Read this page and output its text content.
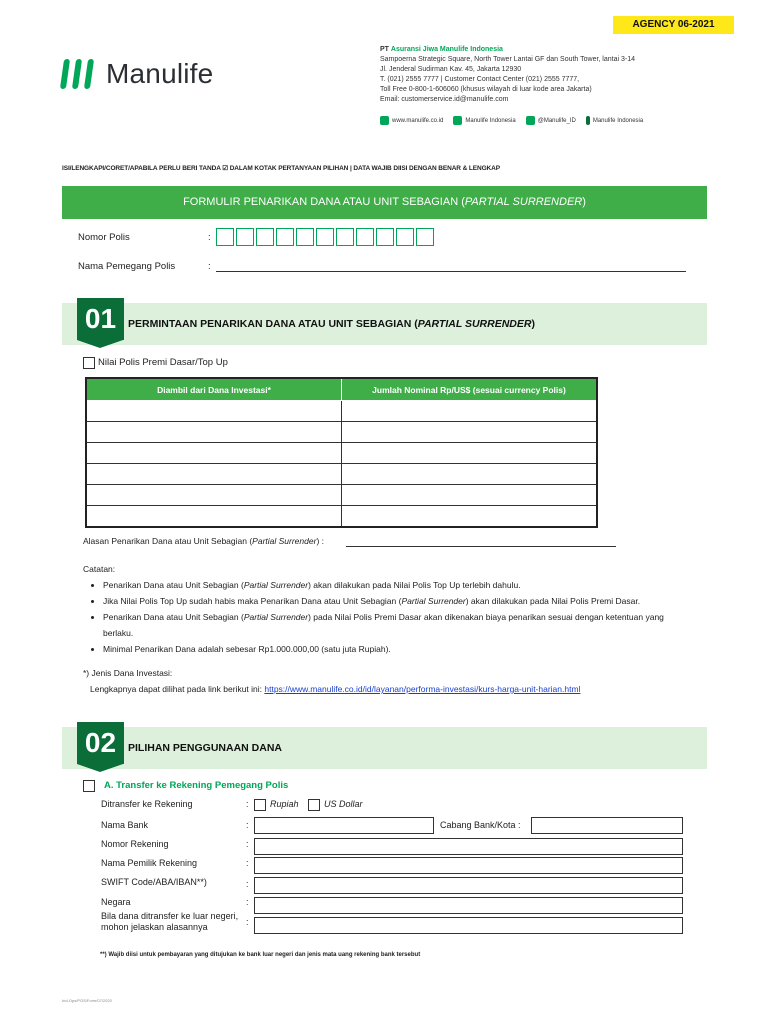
AGENCY 06-2021
Manulife
PT Asuransi Jiwa Manulife Indonesia
Sampoerna Strategic Square, North Tower Lantai GF dan South Tower, lantai 3-14
Jl. Jenderal Sudirman Kav. 45, Jakarta 12930
T. (021) 2555 7777 | Customer Contact Center (021) 2555 7777,
Toll Free 0-800-1-606060 (khusus wilayah di luar kode area Jakarta)
Email: customerservice.id@manulife.com
www.manulife.co.id	Manulife Indonesia	@Manulife_ID	Manulife Indonesia
ISI/LENGKAPI/CORET/APABILA PERLU BERI TANDA ☑ DALAM KOTAK PERTANYAAN PILIHAN | DATA WAJIB DIISI DENGAN BENAR & LENGKAP
FORMULIR PENARIKAN DANA ATAU UNIT SEBAGIAN (PARTIAL SURRENDER)
Nomor Polis	:
Nama Pemegang Polis	:
01	PERMINTAAN PENARIKAN DANA ATAU UNIT SEBAGIAN (PARTIAL SURRENDER)
Nilai Polis Premi Dasar/Top Up
Diambil dari Dana Investasi*	Jumlah Nominal Rp/US$ (sesuai currency Polis)

Alasan Penarikan Dana atau Unit Sebagian (Partial Surrender) :
Catatan:
• Penarikan Dana atau Unit Sebagian (Partial Surrender) akan dilakukan pada Nilai Polis Top Up terlebih dahulu.
• Jika Nilai Polis Top Up sudah habis maka Penarikan Dana atau Unit Sebagian (Partial Surrender) akan dilakukan pada Nilai Polis Premi Dasar.
• Penarikan Dana atau Unit Sebagian (Partial Surrender) pada Nilai Polis Premi Dasar akan dikenakan biaya penarikan sesuai dengan ketentuan yang berlaku.
• Minimal Penarikan Dana adalah sebesar Rp1.000.000,00 (satu juta Rupiah).
*) Jenis Dana Investasi:
Lengkapnya dapat dilihat pada link berikut ini: https://www.manulife.co.id/id/layanan/performa-investasi/kurs-harga-unit-harian.html
02	PILIHAN PENGGUNAAN DANA
A. Transfer ke Rekening Pemegang Polis
Ditransfer ke Rekening	: Rupiah	US Dollar
Nama Bank	:	Cabang Bank/Kota :
Nomor Rekening	:
Nama Pemilik Rekening	:
SWIFT Code/ABA/IBAN**)	:
Negara	:
Bila dana ditransfer ke luar negeri,
mohon jelaskan alasannya	:
**) Wajib diisi untuk pembayaran yang ditujukan ke bank luar negeri dan jenis mata uang rekening bank tersebut
Ind-Ops/POS/Form/07/2020
